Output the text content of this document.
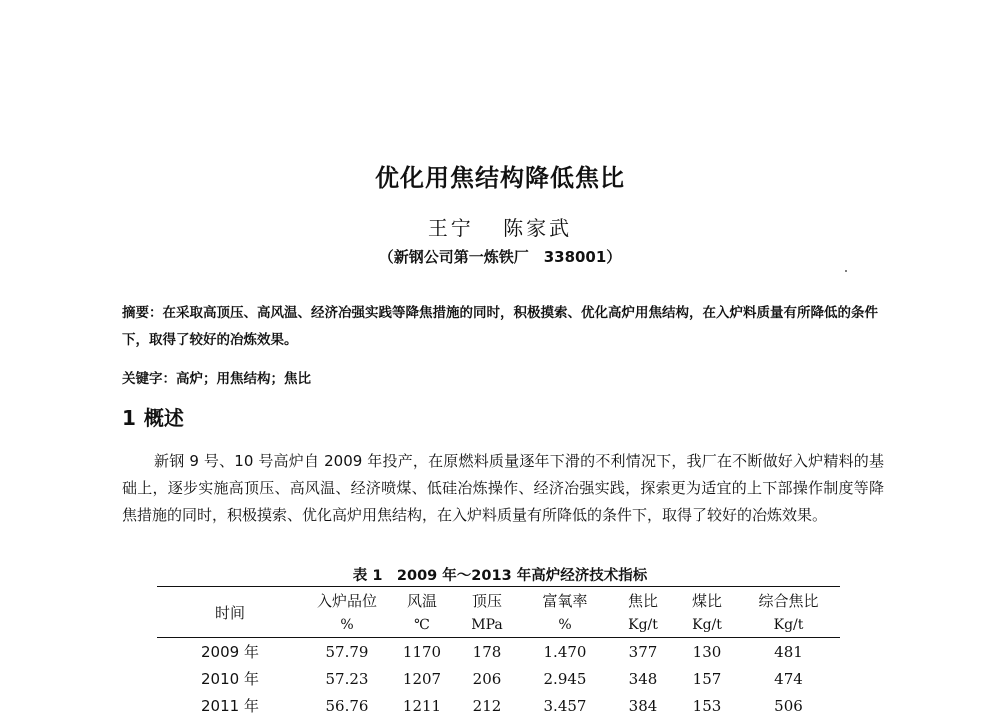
优化用焦结构降低焦比
王宁 陈家武
（新钢公司第一炼铁厂　338001）
摘要：在采取高顶压、高风温、经济冶强实践等降焦措施的同时，积极摸索、优化高炉用焦结构，在入炉料质量有所降低的条件下，取得了较好的冶炼效果。
关键字：高炉；用焦结构；焦比
1 概述
新钢 9 号、10 号高炉自 2009 年投产，在原燃料质量逐年下滑的不利情况下，我厂在不断做好入炉精料的基础上，逐步实施高顶压、高风温、经济喷煤、低硅冶炼操作、经济冶强实践，探索更为适宜的上下部操作制度等降焦措施的同时，积极摸索、优化高炉用焦结构，在入炉料质量有所降低的条件下，取得了较好的冶炼效果。
表 1　2009 年～2013 年高炉经济技术指标
时间	入炉品位	风温	顶压	富氧率	焦比	煤比	综合焦比
	%	℃	MPa	%	Kg/t	Kg/t	Kg/t
2009 年	57.79	1170	178	1.470	377	130	481
2010 年	57.23	1207	206	2.945	348	157	474
2011 年	56.76	1211	212	3.457	384	153	506
